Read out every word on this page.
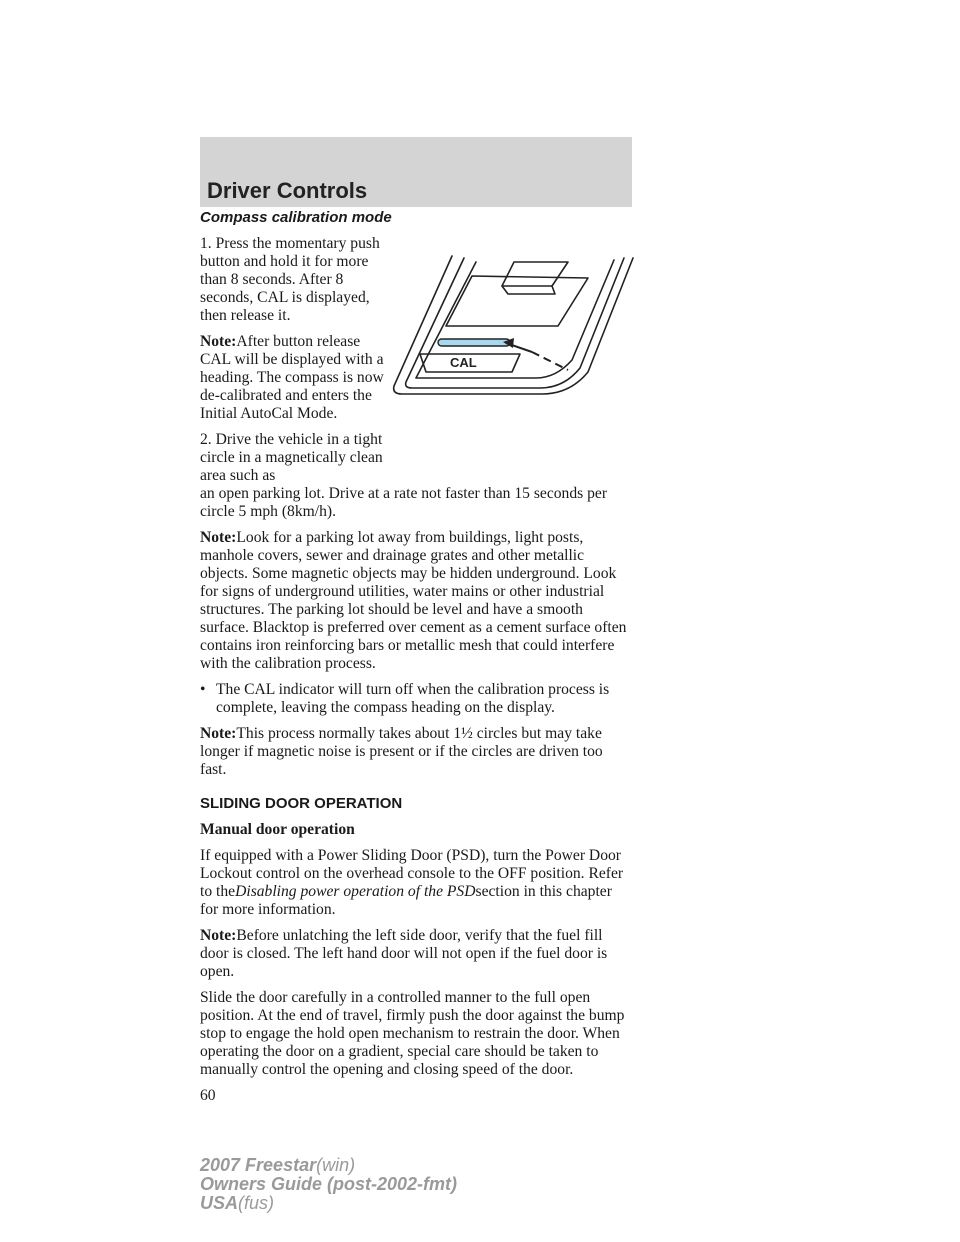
Driver Controls
CAL
Compass calibration mode

1. Press the momentary push button and hold it for more than 8 seconds. After 8 seconds, CAL is displayed, then release it.

Note:After button release CAL will be displayed with a heading. The compass is now de-calibrated and enters the Initial AutoCal Mode.

2. Drive the vehicle in a tight circle in a magnetically clean area such as
an open parking lot. Drive at a rate not faster than 15 seconds per circle 5 mph (8km/h).

Note:Look for a parking lot away from buildings, light posts, manhole covers, sewer and drainage grates and other metallic objects. Some magnetic objects may be hidden underground. Look for signs of underground utilities, water mains or other industrial structures. The parking lot should be level and have a smooth surface. Blacktop is preferred over cement as a cement surface often contains iron reinforcing bars or metallic mesh that could interfere with the calibration process.

• The CAL indicator will turn off when the calibration process is complete, leaving the compass heading on the display.

Note:This process normally takes about 1½ circles but may take longer if magnetic noise is present or if the circles are driven too fast.

SLIDING DOOR OPERATION
Manual door operation

If equipped with a Power Sliding Door (PSD), turn the Power Door Lockout control on the overhead console to the OFF position. Refer to theDisabling power operation of the PSDsection in this chapter for more information.

Note:Before unlatching the left side door, verify that the fuel fill door is closed. The left hand door will not open if the fuel door is open.

Slide the door carefully in a controlled manner to the full open position. At the end of travel, firmly push the door against the bump stop to engage the hold open mechanism to restrain the door. When operating the door on a gradient, special care should be taken to manually control the opening and closing speed of the door.

60
2007 Freestar(win)
Owners Guide (post-2002-fmt)
USA(fus)
